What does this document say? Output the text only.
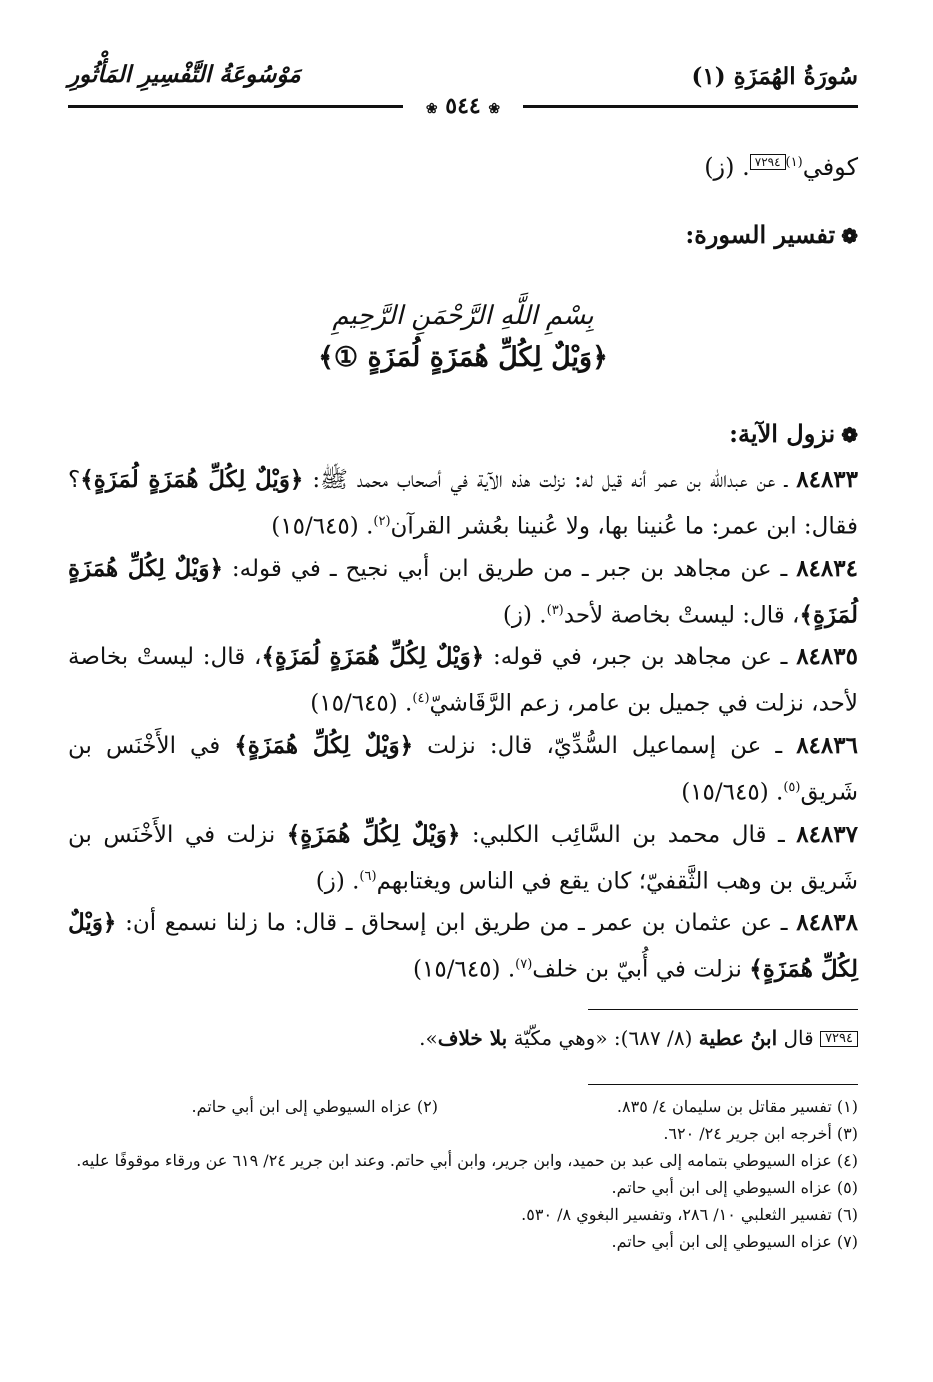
سُورَةُ الهُمَزَةِ (١)
مَوْسُوعَةُ التَّفْسِيرِ المَأْثُورِ
❀ ٥٤٤ ❀
كوفي$^{(١)}$٧٢٩٤. (ز)
❁تفسير السورة:
بِسْمِ اللَّهِ الرَّحْمَنِ الرَّحِيمِ
﴿وَيْلٌ لِكُلِّ هُمَزَةٍ لُمَزَةٍ ①﴾
❁نزول الآية:

٨٤٨٣٣ ـ عن عبدالله بن عمر أنه قيل له: نزلت هذه الآية في أصحاب محمد ﷺ: ﴿وَيْلٌ لِكُلِّ هُمَزَةٍ لُمَزَةٍ﴾؟ فقال: ابن عمر: ما عُنينا بها، ولا عُنينا بعُشر القرآن$^{(٢)}$. (١٥/٦٤٥)

٨٤٨٣٤ ـ عن مجاهد بن جبر ـ من طريق ابن أبي نجيح ـ في قوله: ﴿وَيْلٌ لِكُلِّ هُمَزَةٍ لُمَزَةٍ﴾، قال: ليستْ بخاصة لأحد$^{(٣)}$. (ز)

٨٤٨٣٥ ـ عن مجاهد بن جبر، في قوله: ﴿وَيْلٌ لِكُلِّ هُمَزَةٍ لُمَزَةٍ﴾، قال: ليستْ بخاصة لأحد، نزلت في جميل بن عامر، زعم الرَّقَاشيّ$^{(٤)}$. (١٥/٦٤٥)

٨٤٨٣٦ ـ عن إسماعيل السُّدِّيّ، قال: نزلت ﴿وَيْلٌ لِكُلِّ هُمَزَةٍ﴾ في الأَخْنَس بن شَريق$^{(٥)}$. (١٥/٦٤٥)

٨٤٨٣٧ ـ قال محمد بن السَّائِب الكلبي: ﴿وَيْلٌ لِكُلِّ هُمَزَةٍ﴾ نزلت في الأَخْنَس بن شَريق بن وهب الثَّقفيّ؛ كان يقع في الناس ويغتابهم$^{(٦)}$. (ز)

٨٤٨٣٨ ـ عن عثمان بن عمر ـ من طريق ابن إسحاق ـ قال: ما زلنا نسمع أن: ﴿وَيْلٌ لِكُلِّ هُمَزَةٍ﴾ نزلت في أُبيّ بن خلف$^{(٧)}$. (١٥/٦٤٥)

٧٢٩٤ قال ابنُ عطية (٨/ ٦٨٧): «وهي مكّيّة بلا خلاف».
(١) تفسير مقاتل بن سليمان ٤/ ٨٣٥.
(٢) عزاه السيوطي إلى ابن أبي حاتم.
(٣) أخرجه ابن جرير ٢٤/ ٦٢٠.
(٤) عزاه السيوطي بتمامه إلى عبد بن حميد، وابن جرير، وابن أبي حاتم. وعند ابن جرير ٢٤/ ٦١٩ عن ورقاء موقوفًا عليه.
(٥) عزاه السيوطي إلى ابن أبي حاتم.
(٦) تفسير الثعلبي ١٠/ ٢٨٦، وتفسير البغوي ٨/ ٥٣٠.
(٧) عزاه السيوطي إلى ابن أبي حاتم.
